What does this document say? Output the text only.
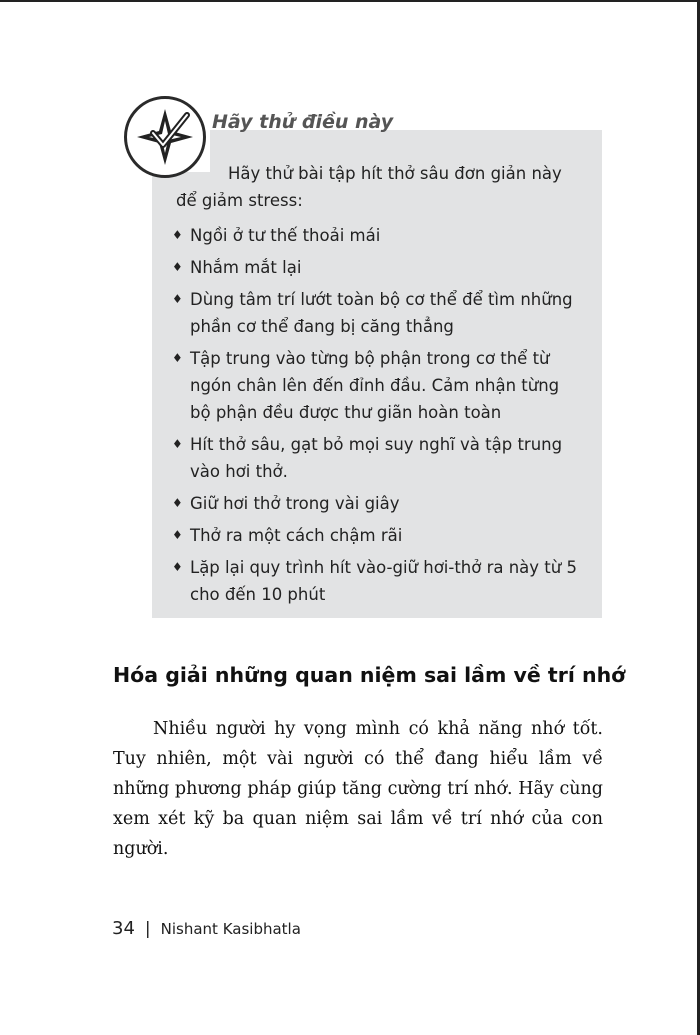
Hãy thử điều này

Hãy thử bài tập hít thở sâu đơn giản này để giảm stress:

♦ Ngồi ở tư thế thoải mái
♦ Nhắm mắt lại
♦ Dùng tâm trí lướt toàn bộ cơ thể để tìm những phần cơ thể đang bị căng thẳng
♦ Tập trung vào từng bộ phận trong cơ thể từ ngón chân lên đến đỉnh đầu. Cảm nhận từng bộ phận đều được thư giãn hoàn toàn
♦ Hít thở sâu, gạt bỏ mọi suy nghĩ và tập trung vào hơi thở.
♦ Giữ hơi thở trong vài giây
♦ Thở ra một cách chậm rãi
♦ Lặp lại quy trình hít vào-giữ hơi-thở ra này từ 5 cho đến 10 phút
Hóa giải những quan niệm sai lầm về trí nhớ

Nhiều người hy vọng mình có khả năng nhớ tốt. Tuy nhiên, một vài người có thể đang hiểu lầm về những phương pháp giúp tăng cường trí nhớ. Hãy cùng xem xét kỹ ba quan niệm sai lầm về trí nhớ của con người.

34 | Nishant Kasibhatla
